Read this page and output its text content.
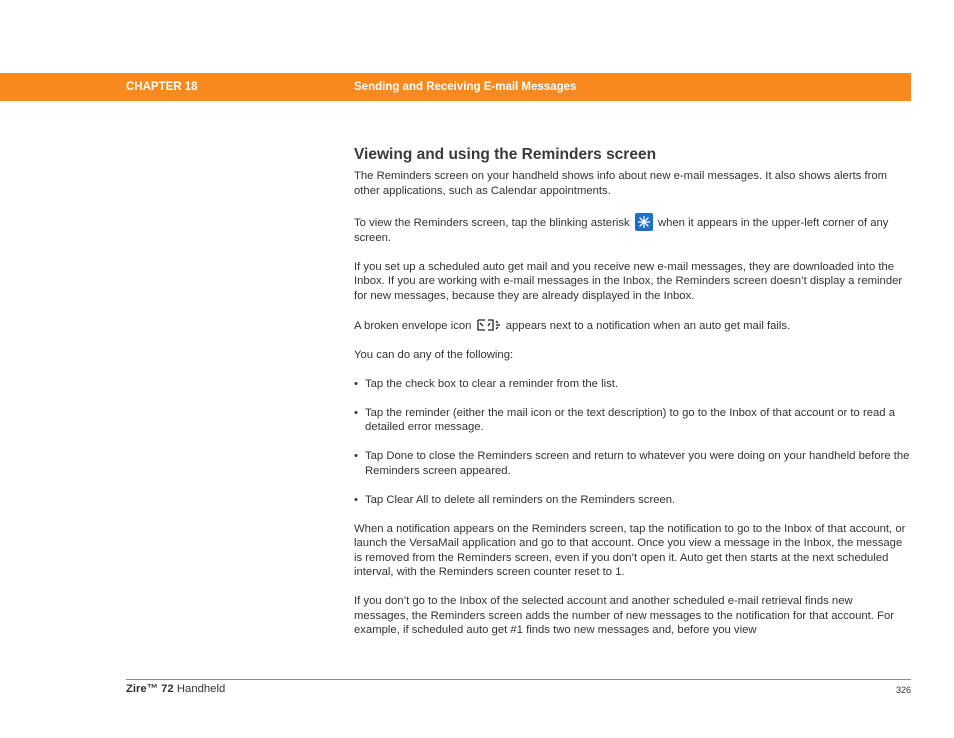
CHAPTER 18	Sending and Receiving E-mail Messages
Viewing and using the Reminders screen

The Reminders screen on your handheld shows info about new e-mail messages. It also shows alerts from other applications, such as Calendar appointments.

To view the Reminders screen, tap the blinking asterisk	when it appears in the upper-left corner of any screen.

If you set up a scheduled auto get mail and you receive new e-mail messages, they are downloaded into the Inbox. If you are working with e-mail messages in the Inbox, the Reminders screen doesn’t display a reminder for new messages, because they are already displayed in the Inbox.

A broken envelope icon	appears next to a notification when an auto get mail fails.

You can do any of the following:

• Tap the check box to clear a reminder from the list.
• Tap the reminder (either the mail icon or the text description) to go to the Inbox of that account or to read a detailed error message.
• Tap Done to close the Reminders screen and return to whatever you were doing on your handheld before the Reminders screen appeared.
• Tap Clear All to delete all reminders on the Reminders screen.

When a notification appears on the Reminders screen, tap the notification to go to the Inbox of that account, or launch the VersaMail application and go to that account. Once you view a message in the Inbox, the message is removed from the Reminders screen, even if you don’t open it. Auto get then starts at the next scheduled interval, with the Reminders screen counter reset to 1.

If you don’t go to the Inbox of the selected account and another scheduled e-mail retrieval finds new messages, the Reminders screen adds the number of new messages to the notification for that account. For example, if scheduled auto get #1 finds two new messages and, before you view

Zire™ 72 Handheld	326
